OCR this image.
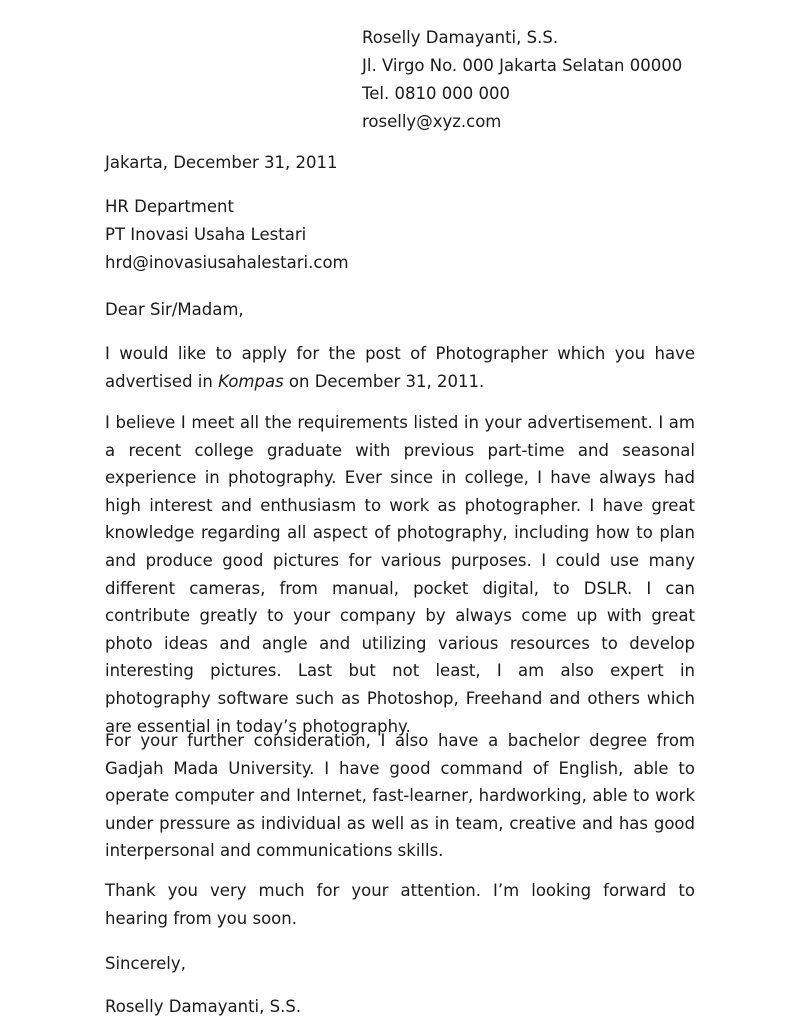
Roselly Damayanti, S.S.
Jl. Virgo No. 000 Jakarta Selatan 00000
Tel. 0810 000 000
roselly@xyz.com
Jakarta, December 31, 2011
HR Department
PT Inovasi Usaha Lestari
hrd@inovasiusahalestari.com
Dear Sir/Madam,
I would like to apply for the post of Photographer which you have
advertised in Kompas on December 31, 2011.

I believe I meet all the requirements listed in your advertisement. I am a recent college graduate with previous part-time and seasonal experience in photography. Ever since in college, I have always had high interest and enthusiasm to work as photographer. I have great knowledge regarding all aspect of photography, including how to plan and produce good pictures for various purposes. I could use many different cameras, from manual, pocket digital, to DSLR. I can contribute greatly to your company by always come up with great photo ideas and angle and utilizing various resources to develop interesting pictures. Last but not least, I am also expert in photography software such as Photoshop, Freehand and others which are essential in today’s photography.

For your further consideration, I also have a bachelor degree from Gadjah Mada University. I have good command of English, able to operate computer and Internet, fast-learner, hardworking, able to work under pressure as individual as well as in team, creative and has good interpersonal and communications skills.

Thank you very much for your attention. I’m looking forward to hearing from you soon.

Sincerely,
Roselly Damayanti, S.S.
